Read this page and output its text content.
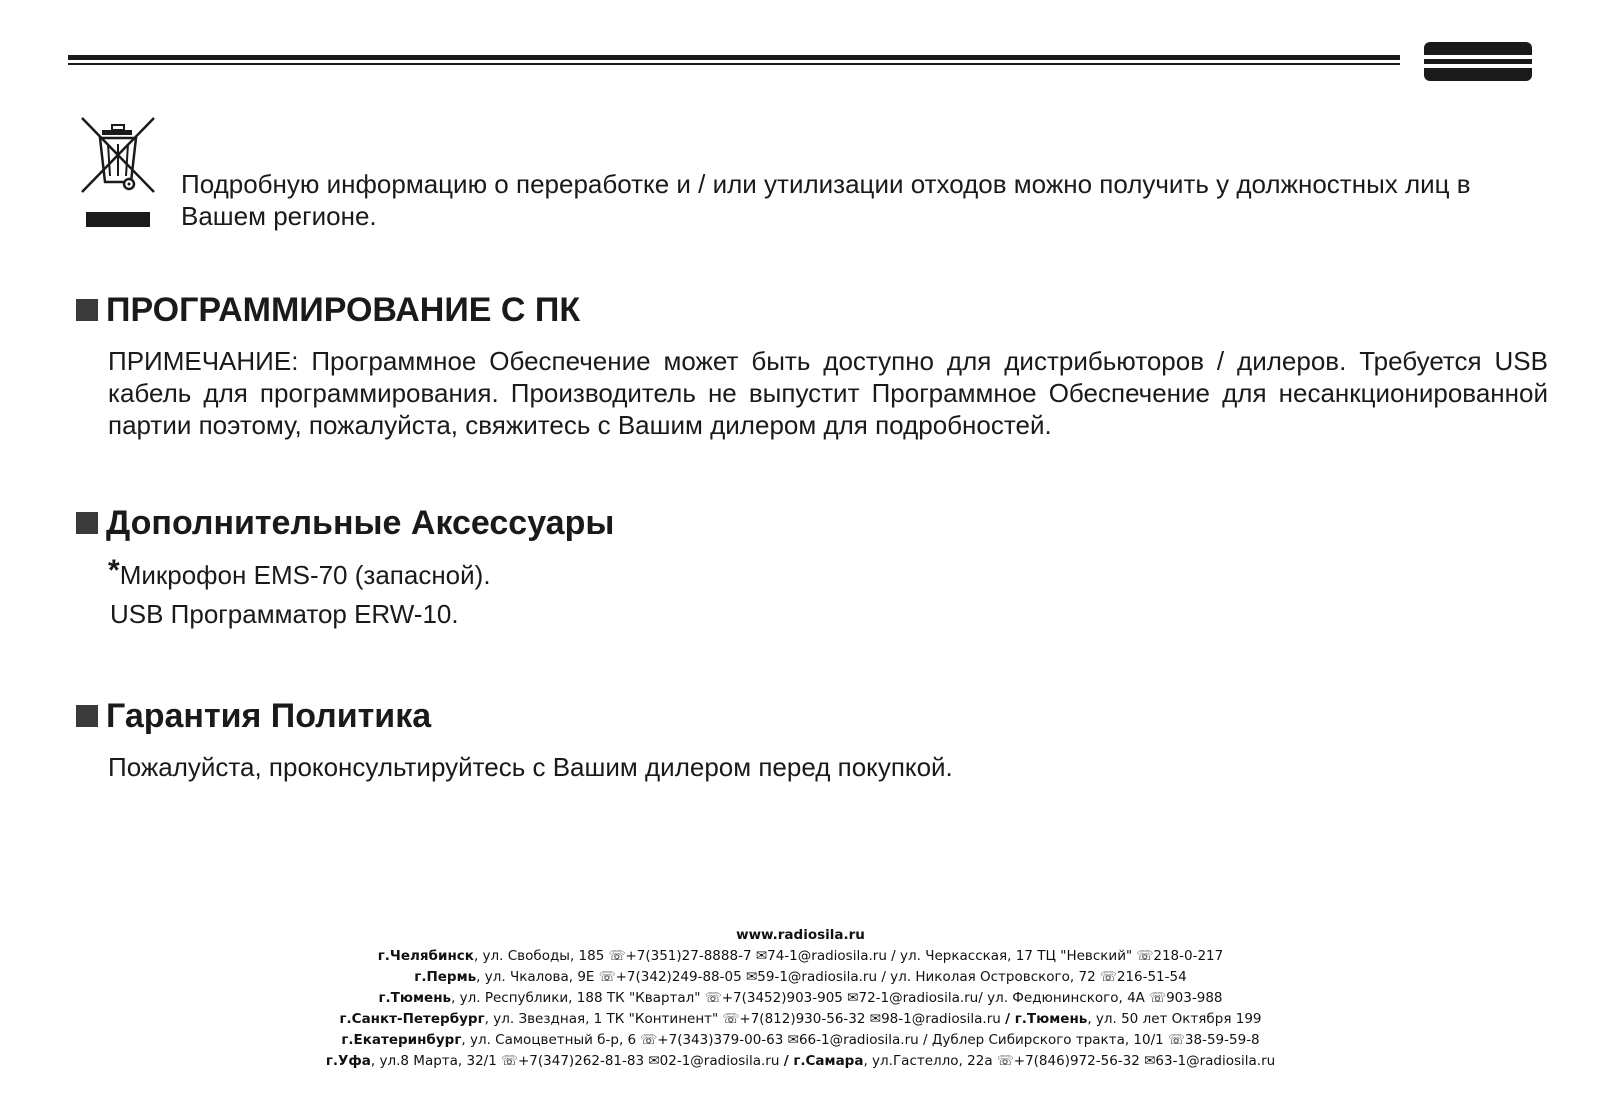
Подробную информацию о переработке и / или утилизации отходов можно получить у должностных лиц в Вашем регионе.
ПРОГРАММИРОВАНИЕ С ПК
ПРИМЕЧАНИЕ: Программное Обеспечение может быть доступно для дистрибьюторов / дилеров. Требуется USB кабель для программирования. Производитель не выпустит Программное Обеспечение для несанкционированной партии поэтому, пожалуйста, свяжитесь с Вашим дилером для подробностей.
Дополнительные Аксессуары
*Микрофон EMS-70 (запасной).
USB Программатор ERW-10.
Гарантия Политика
Пожалуйста, проконсультируйтесь с Вашим дилером перед покупкой.
www.radiosila.ru
г.Челябинск, ул. Свободы, 185 ☏+7(351)27-8888-7 ✉74-1@radiosila.ru / ул. Черкасская, 17 ТЦ "Невский" ☏218-0-217
г.Пермь, ул. Чкалова, 9Е ☏+7(342)249-88-05 ✉59-1@radiosila.ru / ул. Николая Островского, 72 ☏216-51-54
г.Тюмень, ул. Республики, 188 ТК "Квартал" ☏+7(3452)903-905 ✉72-1@radiosila.ru/ ул. Федюнинского, 4А ☏903-988
г.Санкт-Петербург, ул. Звездная, 1 ТК "Континент" ☏+7(812)930-56-32 ✉98-1@radiosila.ru / г.Тюмень, ул. 50 лет Октября 199
г.Екатеринбург, ул. Самоцветный б-р, 6 ☏+7(343)379-00-63 ✉66-1@radiosila.ru / Дублер Сибирского тракта, 10/1 ☏38-59-59-8
г.Уфа, ул.8 Марта, 32/1 ☏+7(347)262-81-83 ✉02-1@radiosila.ru / г.Самара, ул.Гастелло, 22а ☏+7(846)972-56-32 ✉63-1@radiosila.ru
